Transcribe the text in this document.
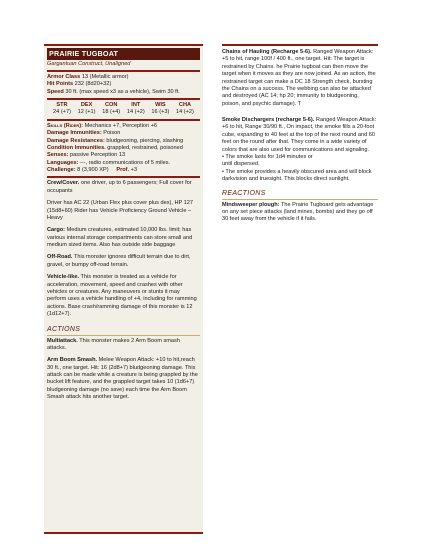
PRAIRIE TUGBOAT
Gargantuan Construct, Unaligned

Armor Class 13 (Metallic armor)

Hit Points 232 (8d20+32)

Speed 30 ft. (max speed x3 as a vehicle), Swim 30 ft.

STR
24 (+7)
DEX
12 (+1)
CON
18 (+4)
INT
14 (+2)
WIS
16 (+3)
CHA
14 (+2)

Skills (Rider): Mechanics +7, Perception +6

Damage Immunities: Poison

Damage Resistances: bludgeoning, piercing, slashing

Condition Immunities. grappled, restrained, poisoned

Senses: passive Perception 13

Languages: ---, radio communications of 5 miles.

Challenge: 8 (3,900 XP) Prof. +3

Crew/Cover. one driver, up to 6 passengers; Full cover for occupants

Driver has AC 22 (Urban Flex plus cover plus dex), HP 127 (15d8+60) Rider has Vehicle Proficiency Ground Vehicle – Heavy

Cargo: Medium creatures, estimated 10,000 lbs. limit; has various internal storage compartments can store small and medium sized items. Also has outside side baggage

Off-Road. This monster ignores difficult terrain due to dirt, gravel, or bumpy off-road terrain.

Vehicle-like. This monster is treated as a vehicle for acceleration, movement, speed and crashes with other vehicles or creatures. Any maneuvers or stunts it may perform uses a vehicle handling of +4, including for ramming actions. Base crash/ramming damage of this monster is 12 (1d12+7).

ACTIONS

Multiattack. This monster makes 2 Arm Boom smash attacks.

Arm Boom Smash. Melee Weapon Attack: +10 to hit,reach 30 ft., one target. Hit: 16 (2d8+7) bludgeoning damage. This attack can be made while a creature is being grappled by the bucket lift feature, and the grappled target takes 10 (1d6+7) bludgeoning damage (no save) each time the Arm Boom Smash attack hits another target.

Chains of Hauling (Recharge 5-6). Ranged Weapon Attack: +5 to hit, range 100f / 400 ft., one target. Hit: The target is restrained by Chains. he Prairie tugboat can then move the target when it moves as they are now joined. As an action, the restrained target can make a DC 18 Strength check, bursting the Chains on a success. The webbing can also be attacked and destroyed (AC 14; hp 20; immunity to bludgeoning, poison, and psychic damage). T

Smoke Dischargers (recharge 5-6). Ranged Weapon Attack: +6 to hit, Range 30/90 ft., On impact, the smoke fills a 20-foot cube, expanding to 40 feet at the top of the next round and 60 feet on the round after that. They come in a wide variety of colors that are also used for communications and signaling.

• The smoke lasts for 1d4 minutes or

until dispersed.

• The smoke provides a heavily obscured area and will block darkvision and truesight. This blocks direct sunlight.

REACTIONS

Mindsweeper plough: The Prairie Tugboard gets advantage on any set piece attacks (land mines, bombs) and they go off 30 feet away from the vehicle if it fails.
